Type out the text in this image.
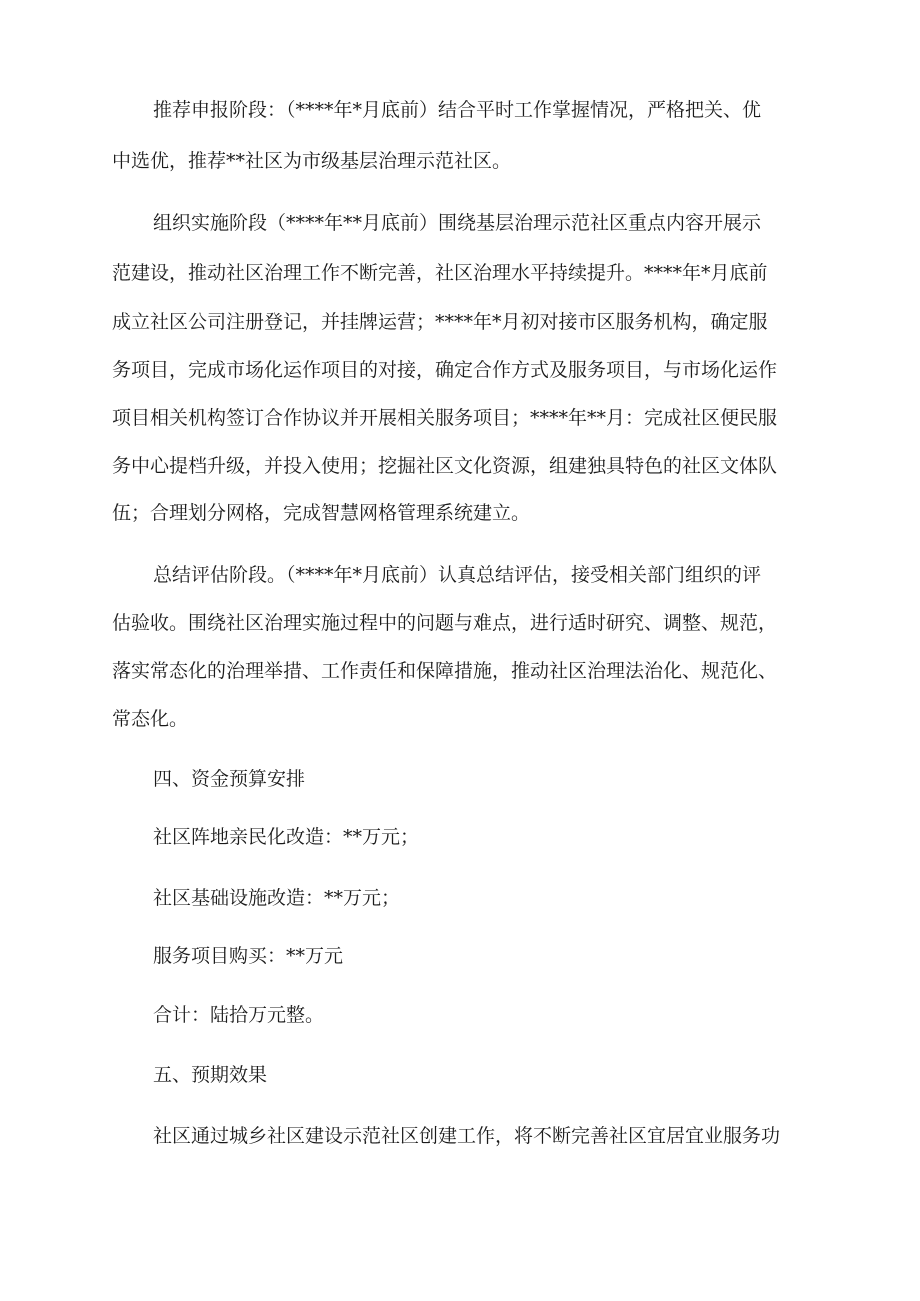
推荐申报阶段：（****年*月底前）结合平时工作掌握情况，严格把关、优
中选优，推荐**社区为市级基层治理示范社区。
组织实施阶段（****年**月底前）围绕基层治理示范社区重点内容开展示
范建设，推动社区治理工作不断完善，社区治理水平持续提升。****年*月底前
成立社区公司注册登记，并挂牌运营；****年*月初对接市区服务机构，确定服
务项目，完成市场化运作项目的对接，确定合作方式及服务项目，与市场化运作
项目相关机构签订合作协议并开展相关服务项目；****年**月：完成社区便民服
务中心提档升级，并投入使用；挖掘社区文化资源，组建独具特色的社区文体队
伍；合理划分网格，完成智慧网格管理系统建立。
总结评估阶段。（****年*月底前）认真总结评估，接受相关部门组织的评
估验收。围绕社区治理实施过程中的问题与难点，进行适时研究、调整、规范，
落实常态化的治理举措、工作责任和保障措施，推动社区治理法治化、规范化、
常态化。
四、资金预算安排
社区阵地亲民化改造：**万元；
社区基础设施改造：**万元；
服务项目购买：**万元
合计：陆拾万元整。
五、预期效果
社区通过城乡社区建设示范社区创建工作，将不断完善社区宜居宜业服务功
